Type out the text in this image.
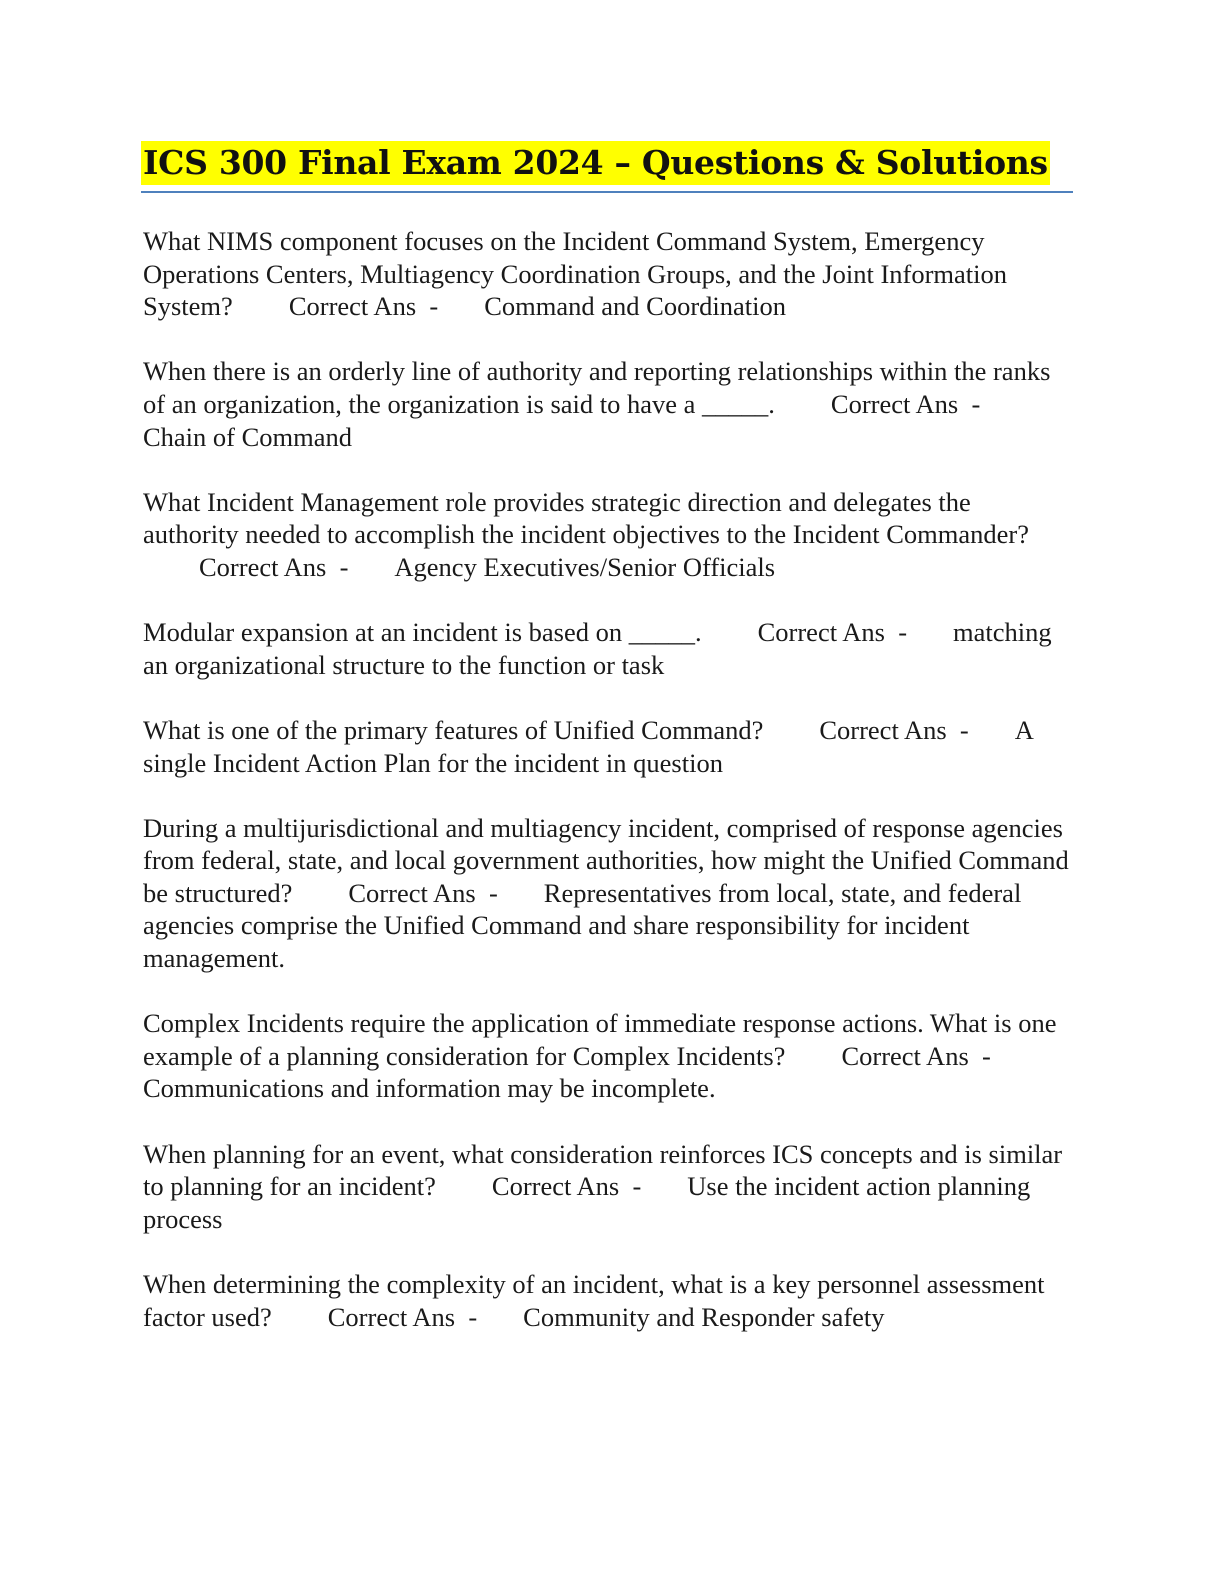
ICS 300 Final Exam 2024 – Questions & Solutions

What NIMS component focuses on the Incident Command System, Emergency Operations Centers, Multiagency Coordination Groups, and the Joint Information System? Correct Ans - Command and Coordination

When there is an orderly line of authority and reporting relationships within the ranks of an organization, the organization is said to have a _____. Correct Ans -Chain of Command

What Incident Management role provides strategic direction and delegates the authority needed to accomplish the incident objectives to the Incident Commander?Correct Ans - Agency Executives/Senior Officials

Modular expansion at an incident is based on _____. Correct Ans - matching an organizational structure to the function or task

What is one of the primary features of Unified Command? Correct Ans - A single Incident Action Plan for the incident in question

During a multijurisdictional and multiagency incident, comprised of response agencies from federal, state, and local government authorities, how might the Unified Command be structured? Correct Ans - Representatives from local, state, and federal agencies comprise the Unified Command and share responsibility for incident management.

Complex Incidents require the application of immediate response actions. What is one example of a planning consideration for Complex Incidents? Correct Ans -Communications and information may be incomplete.

When planning for an event, what consideration reinforces ICS concepts and is similar to planning for an incident? Correct Ans - Use the incident action planning process

When determining the complexity of an incident, what is a key personnel assessment factor used? Correct Ans - Community and Responder safety
